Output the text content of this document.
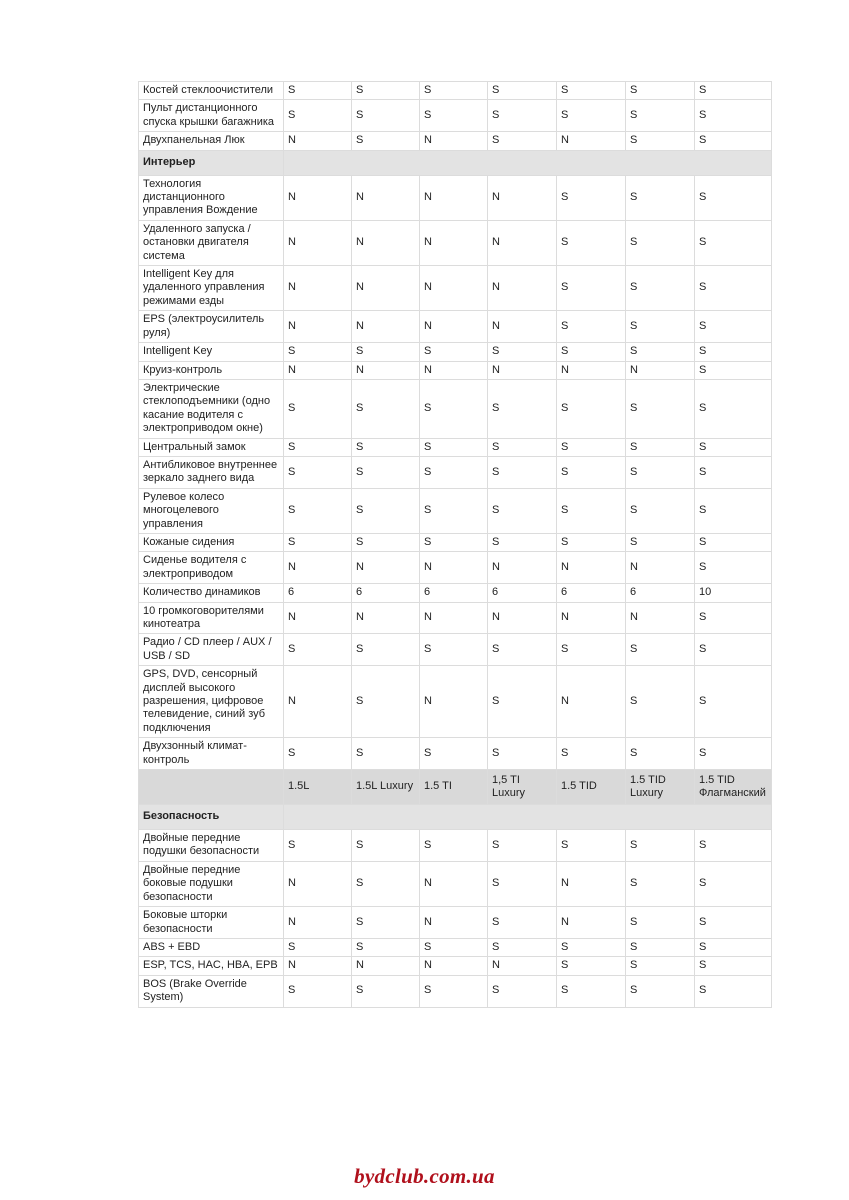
Костей стеклоочистители	S	S	S	S	S	S	S
Пульт дистанционного спуска крышки багажника	S	S	S	S	S	S	S
Двухпанельная Люк	N	S	N	S	N	S	S
Интерьер							
Технология дистанционного управления Вождение	N	N	N	N	S	S	S
Удаленного запуска / остановки двигателя система	N	N	N	N	S	S	S
Intelligent Key для удаленного управления режимами езды	N	N	N	N	S	S	S
EPS (электроусилитель руля)	N	N	N	N	S	S	S
Intelligent Key	S	S	S	S	S	S	S
Круиз-контроль	N	N	N	N	N	N	S
Электрические стеклоподъемники (одно касание водителя с электроприводом окне)	S	S	S	S	S	S	S
Центральный замок	S	S	S	S	S	S	S
Антибликовое внутреннее зеркало заднего вида	S	S	S	S	S	S	S
Рулевое колесо многоцелевого управления	S	S	S	S	S	S	S
Кожаные сидения	S	S	S	S	S	S	S
Сиденье водителя с электроприводом	N	N	N	N	N	N	S
Количество динамиков	6	6	6	6	6	6	10
10 громкоговорителями кинотеатра	N	N	N	N	N	N	S
Радио / CD плеер / AUX / USB / SD	S	S	S	S	S	S	S
GPS, DVD, сенсорный дисплей высокого разрешения, цифровое телевидение, синий зуб подключения	N	S	N	S	N	S	S
Двухзонный климат-контроль	S	S	S	S	S	S	S
	1.5L	1.5L Luxury	1.5 TI	1,5 TI Luxury	1.5 TID	1.5 TID Luxury	1.5 TID Флагманский
Безопасность							
Двойные передние подушки безопасности	S	S	S	S	S	S	S
Двойные передние боковые подушки безопасности	N	S	N	S	N	S	S
Боковые шторки безопасности	N	S	N	S	N	S	S
ABS + EBD	S	S	S	S	S	S	S
ESP, TCS, HAC, HBA, EPB	N	N	N	N	S	S	S
BOS (Brake Override System)	S	S	S	S	S	S	S
bydclub.com.ua
